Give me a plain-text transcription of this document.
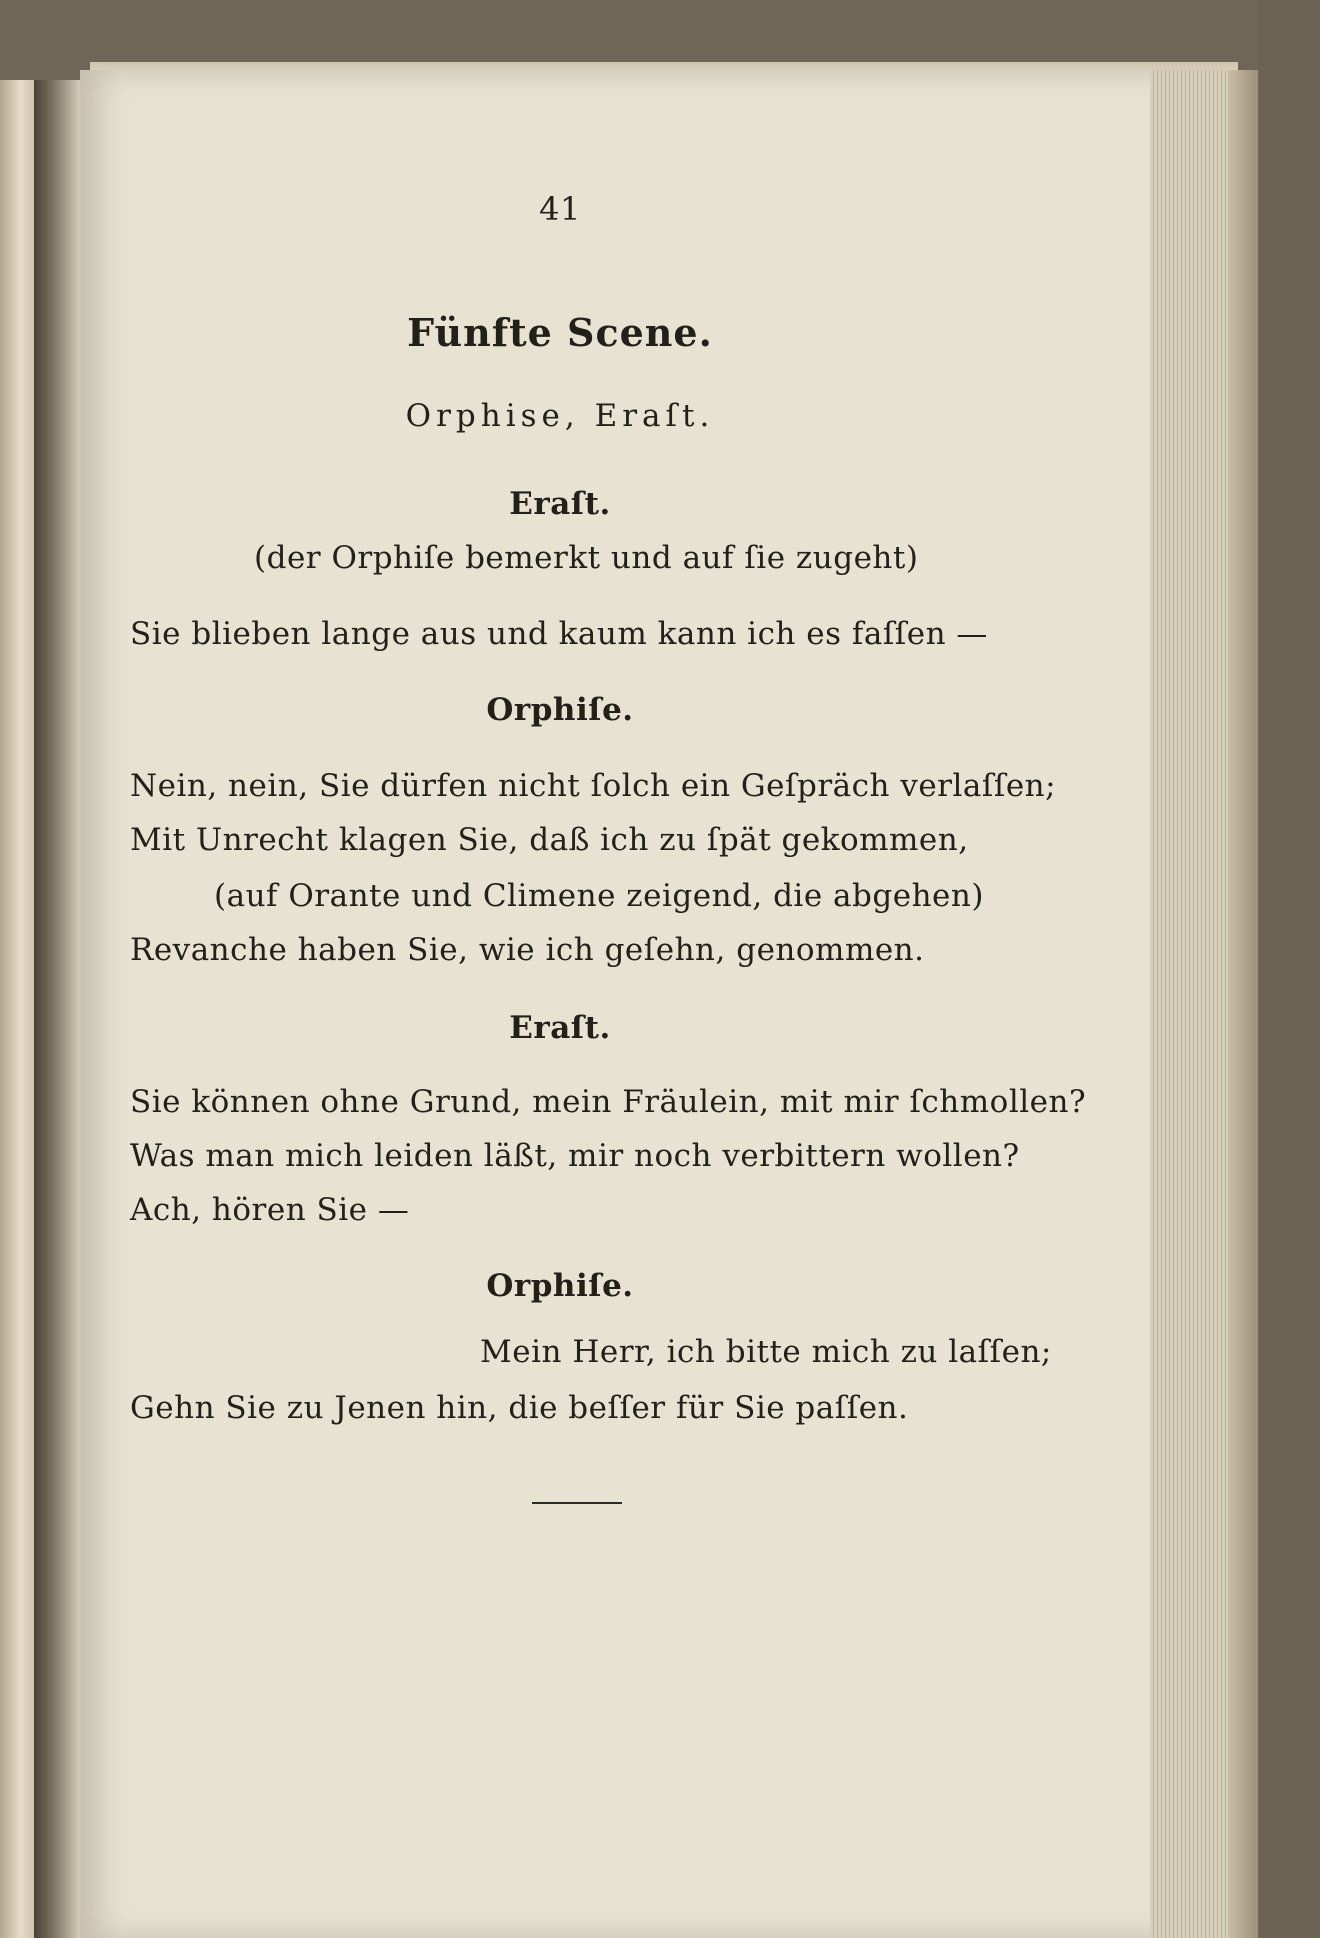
41
Fünfte Scene.
Orphise, Eraſt.
Eraſt.
(der Orphiſe bemerkt und auf ſie zugeht)
Sie blieben lange aus und kaum kann ich es faſſen —
Orphiſe.
Nein, nein, Sie dürfen nicht ſolch ein Geſpräch verlaſſen;
Mit Unrecht klagen Sie, daß ich zu ſpät gekommen,
(auf Orante und Climene zeigend, die abgehen)
Revanche haben Sie, wie ich geſehn, genommen.
Eraſt.
Sie können ohne Grund, mein Fräulein, mit mir ſchmollen?
Was man mich leiden läßt, mir noch verbittern wollen?
Ach, hören Sie —
Orphiſe.
Mein Herr, ich bitte mich zu laſſen;
Gehn Sie zu Jenen hin, die beſſer für Sie paſſen.
